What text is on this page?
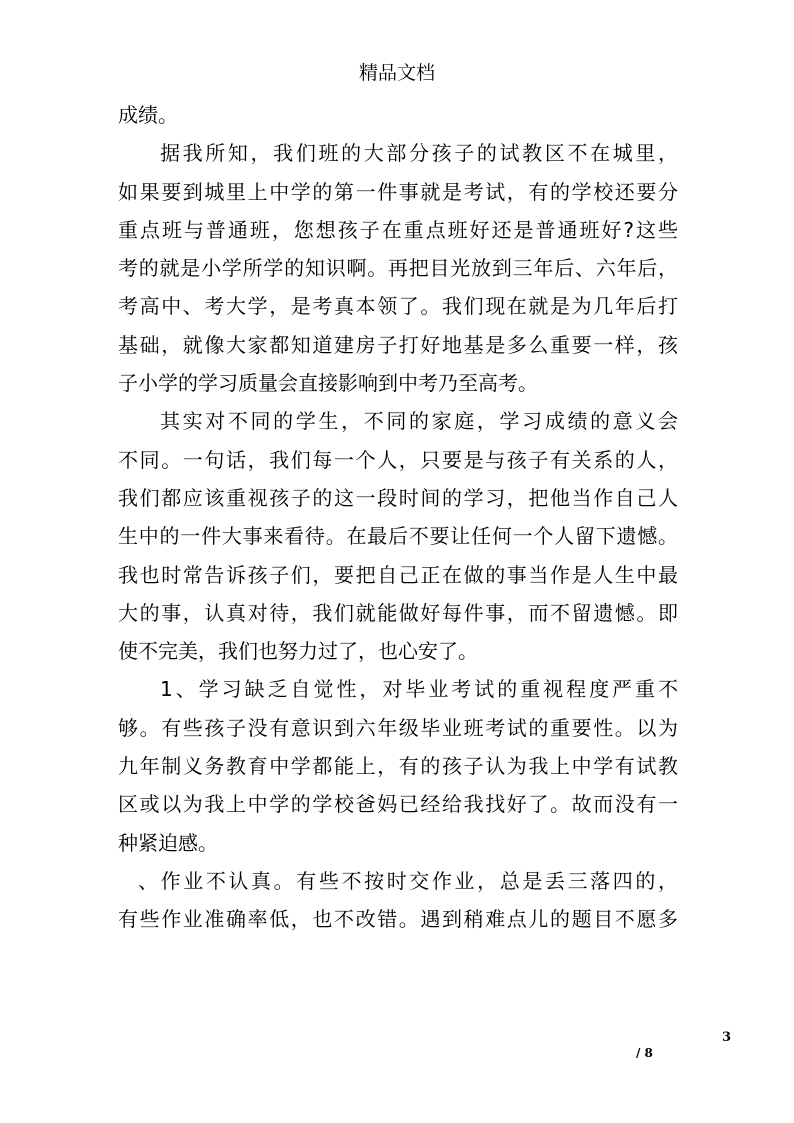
精品文档
成绩。
据我所知，我们班的大部分孩子的试教区不在城里，
如果要到城里上中学的第一件事就是考试，有的学校还要分
重点班与普通班，您想孩子在重点班好还是普通班好?这些
考的就是小学所学的知识啊。再把目光放到三年后、六年后，
考高中、考大学，是考真本领了。我们现在就是为几年后打
基础，就像大家都知道建房子打好地基是多么重要一样，孩
子小学的学习质量会直接影响到中考乃至高考。
其实对不同的学生，不同的家庭，学习成绩的意义会
不同。一句话，我们每一个人，只要是与孩子有关系的人，
我们都应该重视孩子的这一段时间的学习，把他当作自己人
生中的一件大事来看待。在最后不要让任何一个人留下遗憾。
我也时常告诉孩子们，要把自己正在做的事当作是人生中最
大的事，认真对待，我们就能做好每件事，而不留遗憾。即
使不完美，我们也努力过了，也心安了。
1、学习缺乏自觉性，对毕业考试的重视程度严重不
够。有些孩子没有意识到六年级毕业班考试的重要性。以为
九年制义务教育中学都能上，有的孩子认为我上中学有试教
区或以为我上中学的学校爸妈已经给我找好了。故而没有一
种紧迫感。
、作业不认真。有些不按时交作业，总是丢三落四的，
有些作业准确率低，也不改错。遇到稍难点儿的题目不愿多
3
/ 8
